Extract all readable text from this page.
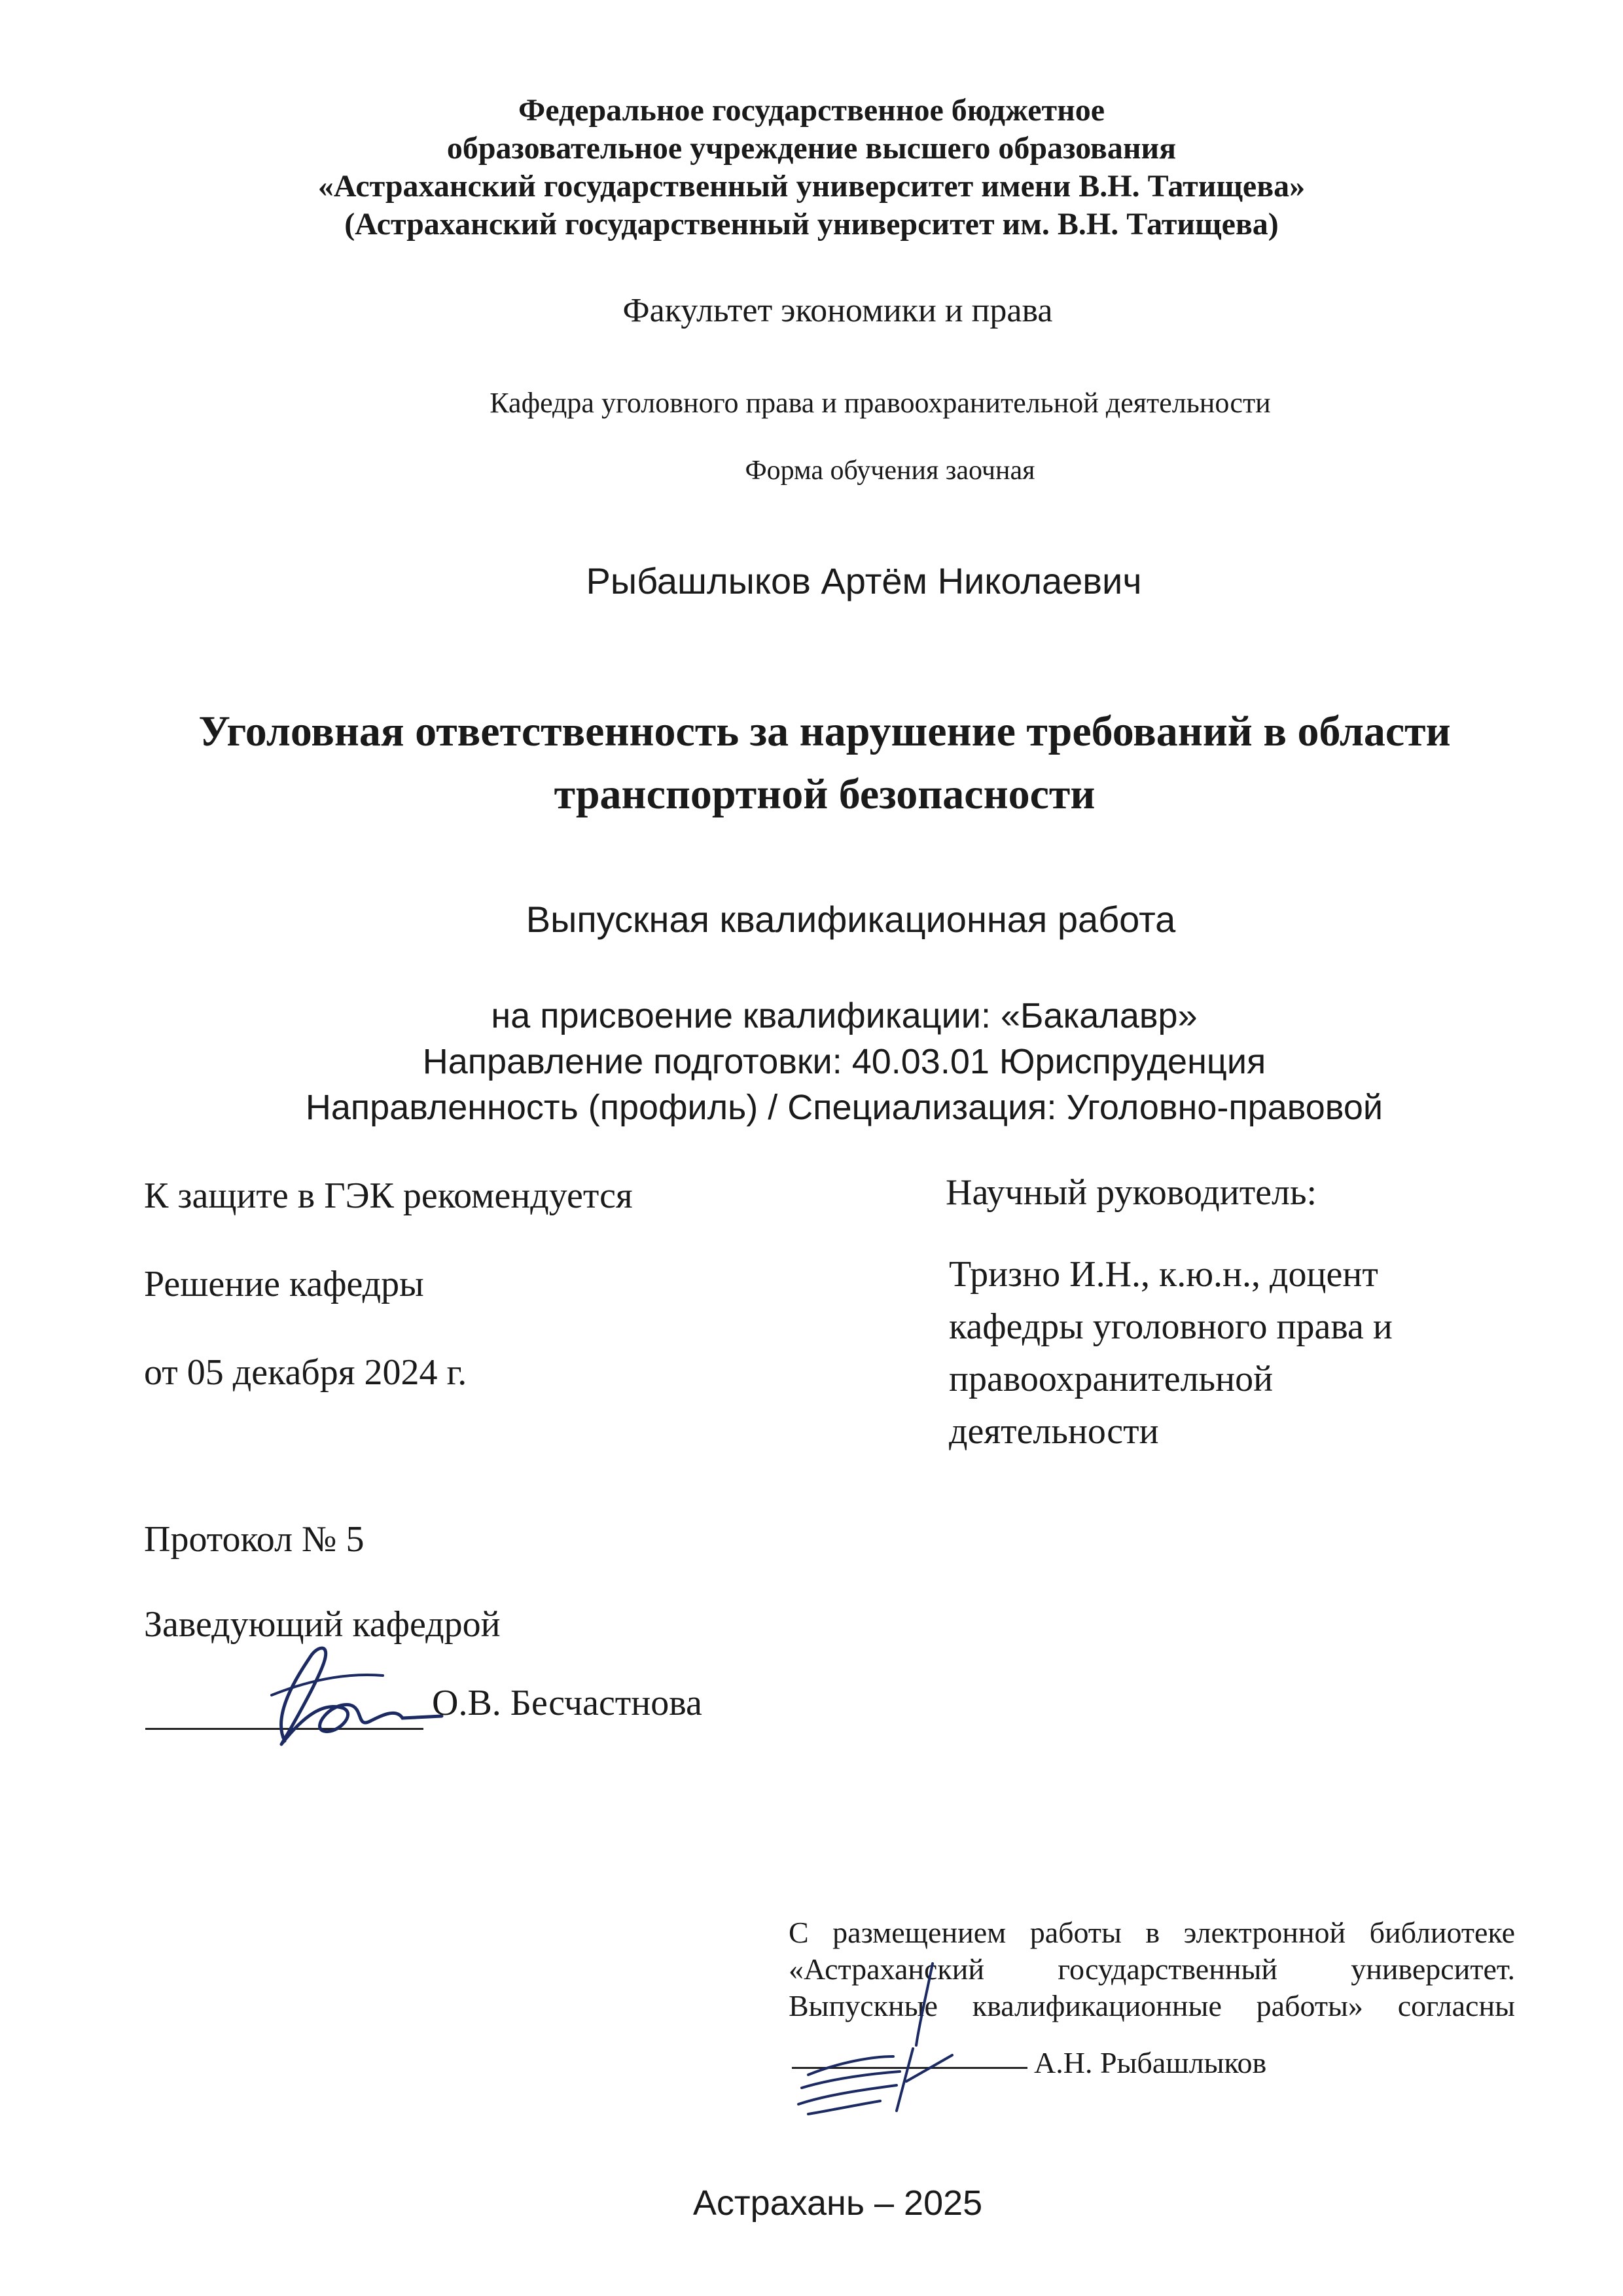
Федеральное государственное бюджетное
образовательное учреждение высшего образования
«Астраханский государственный университет имени В.Н. Татищева»
(Астраханский государственный университет им. В.Н. Татищева)
Факультет экономики и права
Кафедра уголовного права и правоохранительной деятельности
Форма обучения заочная
Рыбашлыков Артём Николаевич
Уголовная ответственность за нарушение требований в области
транспортной безопасности
Выпускная квалификационная работа
на присвоение квалификации: «Бакалавр»
Направление подготовки: 40.03.01 Юриспруденция
Направленность (профиль) / Специализация: Уголовно-правовой
К защите в ГЭК рекомендуется
Решение кафедры
от 05 декабря 2024 г.
Протокол № 5
Заведующий кафедрой
О.В. Бесчастнова
Научный руководитель:
Тризно И.Н., к.ю.н., доцент
кафедры уголовного права и
правоохранительной
деятельности
С размещением работы в электронной библиотеке
«Астраханский государственный университет.
Выпускные квалификационные работы» согласны
А.Н. Рыбашлыков
Астрахань – 2025
